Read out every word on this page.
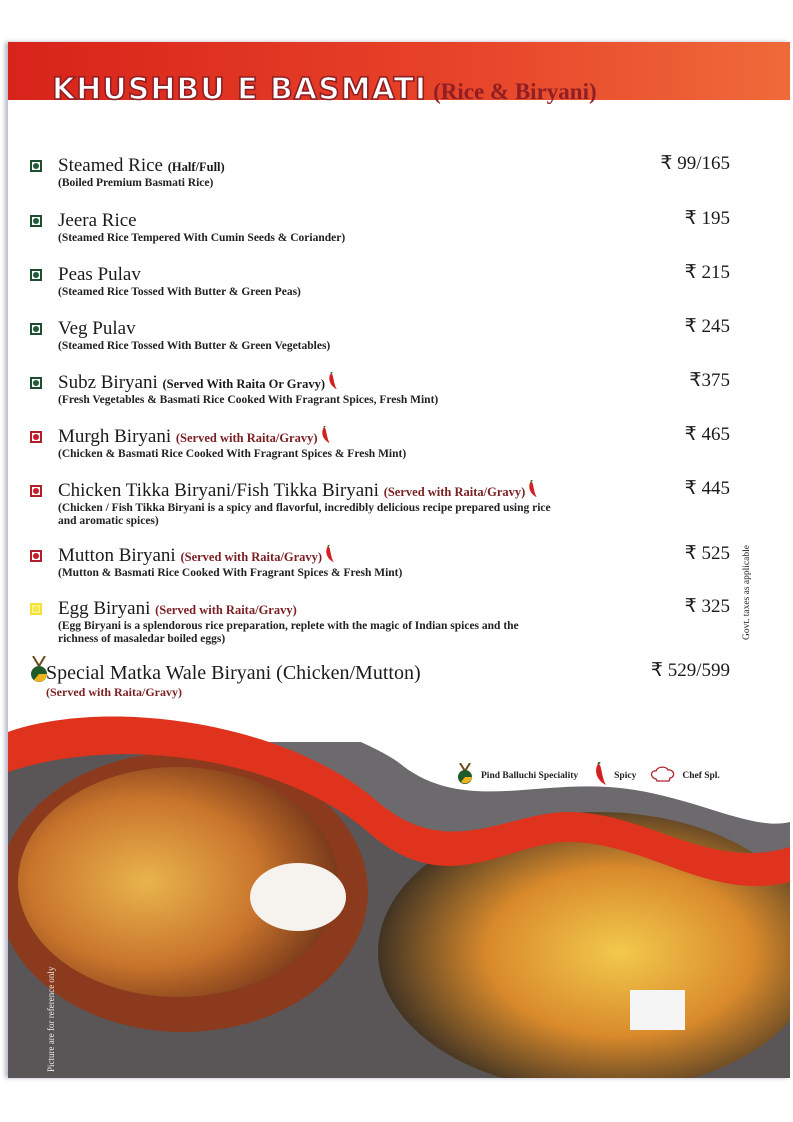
Picture are for reference only
KHUSHBU E BASMATI (Rice & Biryani)
Steamed Rice (Half/Full)
(Boiled Premium Basmati Rice)
₹ 99/165
Jeera Rice
(Steamed Rice Tempered With Cumin Seeds & Coriander)
₹ 195
Peas Pulav
(Steamed Rice Tossed With Butter & Green Peas)
₹ 215
Veg Pulav
(Steamed Rice Tossed With Butter & Green Vegetables)
₹ 245
Subz Biryani (Served With Raita Or Gravy)
(Fresh Vegetables & Basmati Rice Cooked With Fragrant Spices, Fresh Mint)
₹375
Murgh Biryani (Served with Raita/Gravy)
(Chicken & Basmati Rice Cooked With Fragrant Spices & Fresh Mint)
₹ 465
Chicken Tikka Biryani/Fish Tikka Biryani (Served with Raita/Gravy)
(Chicken / Fish Tikka Biryani is a spicy and flavorful, incredibly delicious recipe prepared using rice and aromatic spices)
₹ 445
Mutton Biryani (Served with Raita/Gravy)
(Mutton & Basmati Rice Cooked With Fragrant Spices & Fresh Mint)
₹ 525
Egg Biryani (Served with Raita/Gravy)
(Egg Biryani is a splendorous rice preparation, replete with the magic of Indian spices and the richness of masaledar boiled eggs)
₹ 325
Special Matka Wale Biryani (Chicken/Mutton)
(Served with Raita/Gravy)
₹ 529/599
Govt. taxes as applicable
Pind Balluchi Speciality	Spicy	Chef Spl.
